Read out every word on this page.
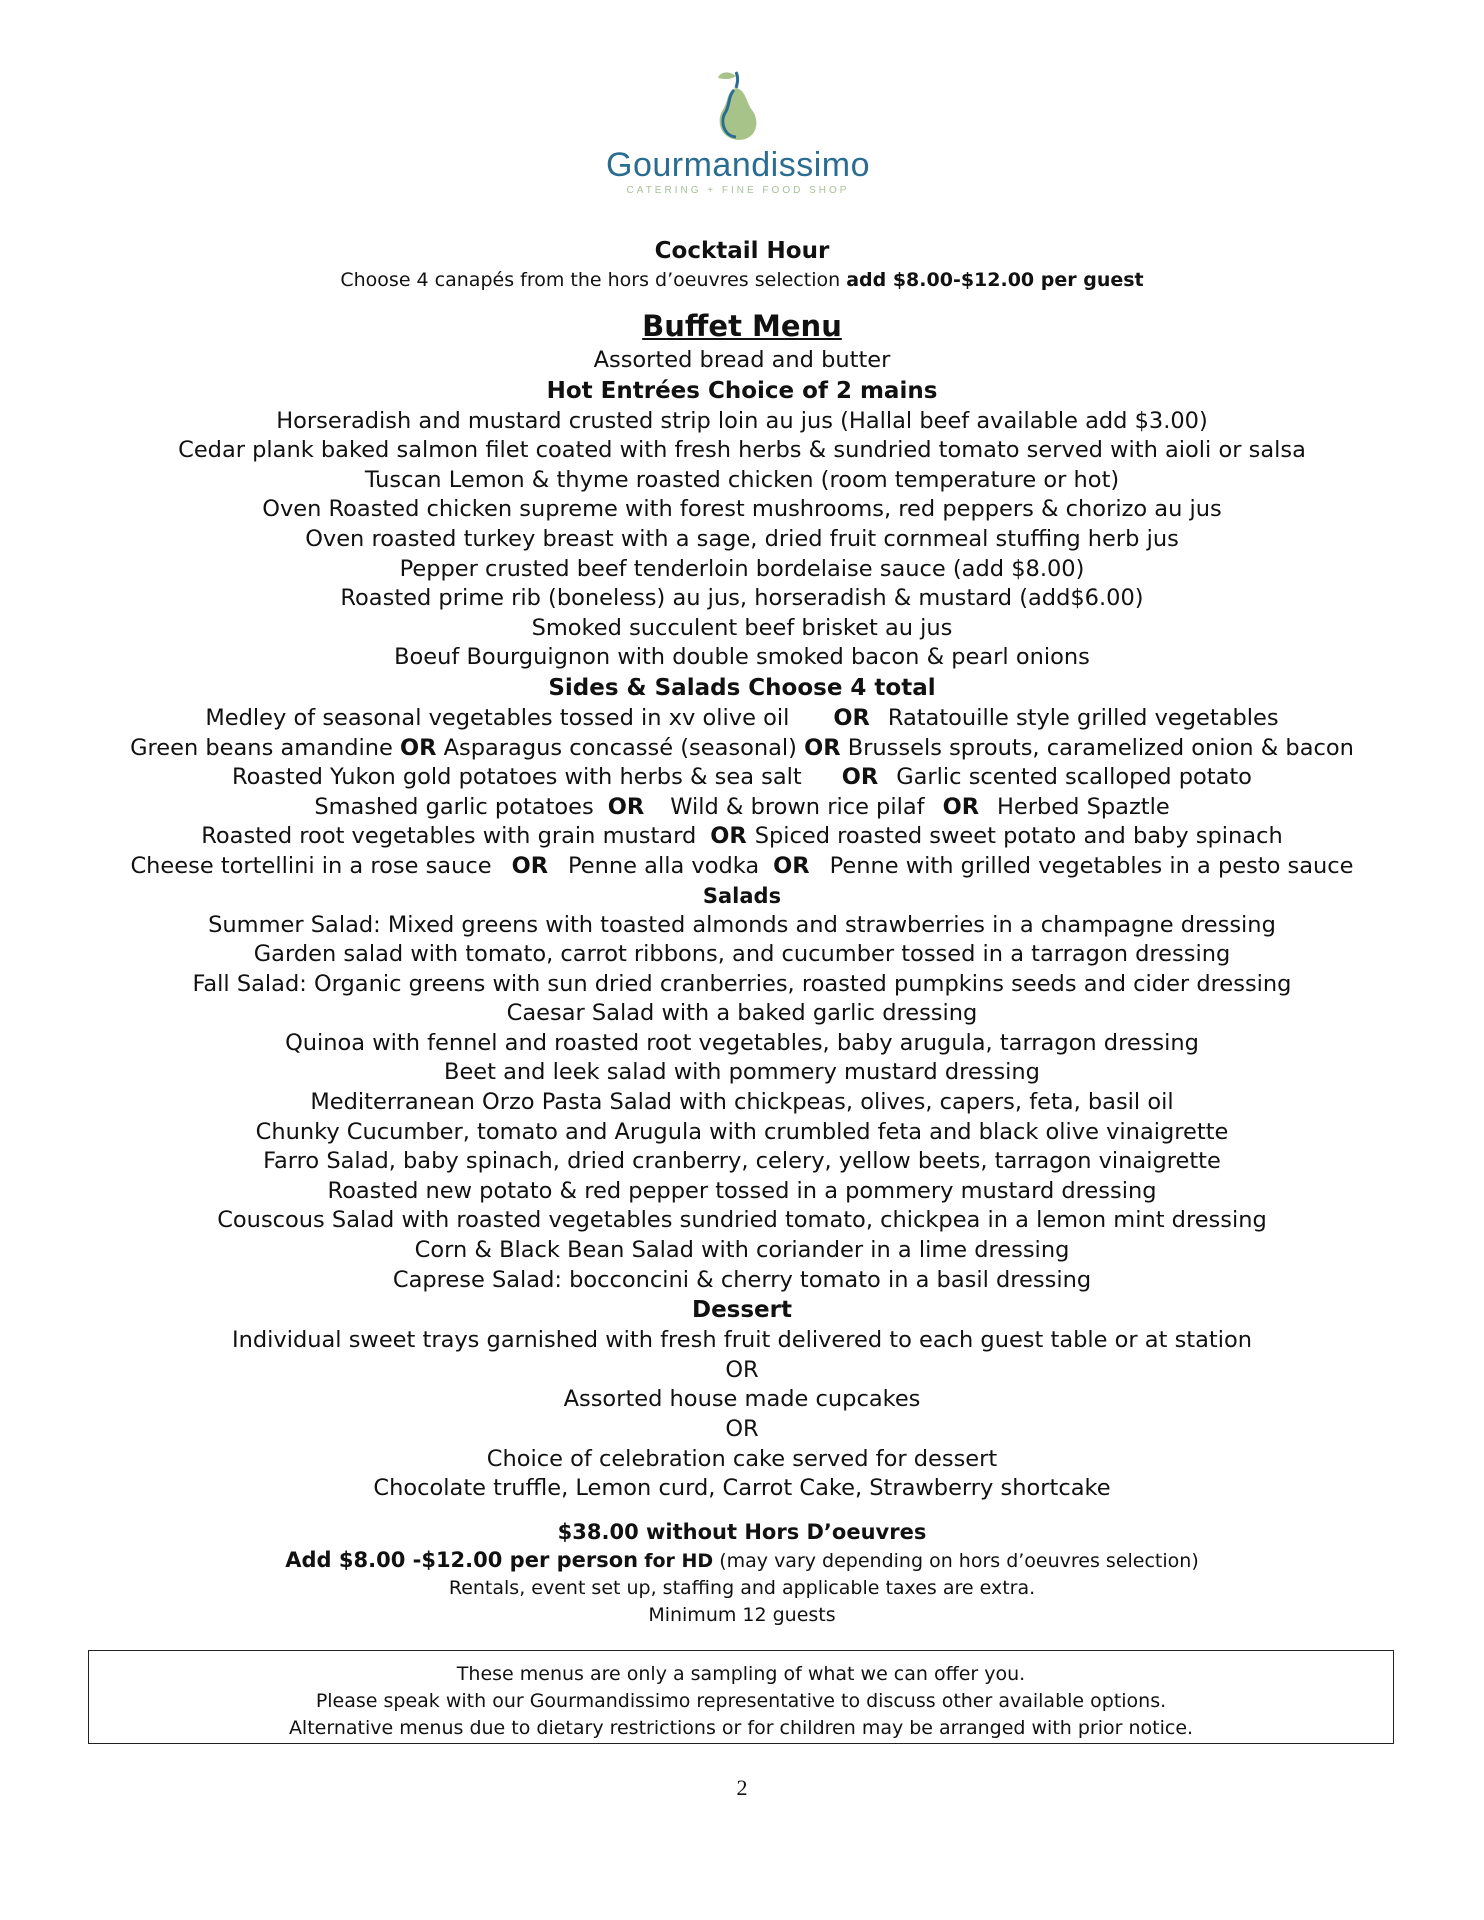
Gourmandissimo
CATERING + FINE FOOD SHOP
Cocktail Hour
Choose 4 canapés from the hors d’oeuvres selection add $8.00-$12.00 per guest
Buffet Menu
Assorted bread and butter
Hot Entrées Choice of 2 mains
Horseradish and mustard crusted strip loin au jus (Hallal beef available add $3.00)
Cedar plank baked salmon filet coated with fresh herbs & sundried tomato served with aioli or salsa
Tuscan Lemon & thyme roasted chicken (room temperature or hot)
Oven Roasted chicken supreme with forest mushrooms, red peppers & chorizo au jus
Oven roasted turkey breast with a sage, dried fruit cornmeal stuffing herb jus
Pepper crusted beef tenderloin bordelaise sauce (add $8.00)
Roasted prime rib (boneless) au jus, horseradish & mustard (add$6.00)
Smoked succulent beef brisket au jus
Boeuf Bourguignon with double smoked bacon & pearl onions
Sides & Salads Choose 4 total
Medley of seasonal vegetables tossed in xv olive oil OR Ratatouille style grilled vegetables
Green beans amandine OR Asparagus concassé (seasonal) OR Brussels sprouts, caramelized onion & bacon
Roasted Yukon gold potatoes with herbs & sea salt OR Garlic scented scalloped potato
Smashed garlic potatoes OR Wild & brown rice pilaf OR Herbed Spaztle
Roasted root vegetables with grain mustard OR Spiced roasted sweet potato and baby spinach
Cheese tortellini in a rose sauce OR Penne alla vodka OR Penne with grilled vegetables in a pesto sauce
Salads
Summer Salad: Mixed greens with toasted almonds and strawberries in a champagne dressing
Garden salad with tomato, carrot ribbons, and cucumber tossed in a tarragon dressing
Fall Salad: Organic greens with sun dried cranberries, roasted pumpkins seeds and cider dressing
Caesar Salad with a baked garlic dressing
Quinoa with fennel and roasted root vegetables, baby arugula, tarragon dressing
Beet and leek salad with pommery mustard dressing
Mediterranean Orzo Pasta Salad with chickpeas, olives, capers, feta, basil oil
Chunky Cucumber, tomato and Arugula with crumbled feta and black olive vinaigrette
Farro Salad, baby spinach, dried cranberry, celery, yellow beets, tarragon vinaigrette
Roasted new potato & red pepper tossed in a pommery mustard dressing
Couscous Salad with roasted vegetables sundried tomato, chickpea in a lemon mint dressing
Corn & Black Bean Salad with coriander in a lime dressing
Caprese Salad: bocconcini & cherry tomato in a basil dressing
Dessert
Individual sweet trays garnished with fresh fruit delivered to each guest table or at station
OR
Assorted house made cupcakes
OR
Choice of celebration cake served for dessert
Chocolate truffle, Lemon curd, Carrot Cake, Strawberry shortcake
$38.00 without Hors D’oeuvres
Add $8.00 -$12.00 per person for HD (may vary depending on hors d’oeuvres selection)
Rentals, event set up, staffing and applicable taxes are extra.
Minimum 12 guests
These menus are only a sampling of what we can offer you.
Please speak with our Gourmandissimo representative to discuss other available options.
Alternative menus due to dietary restrictions or for children may be arranged with prior notice.
2
